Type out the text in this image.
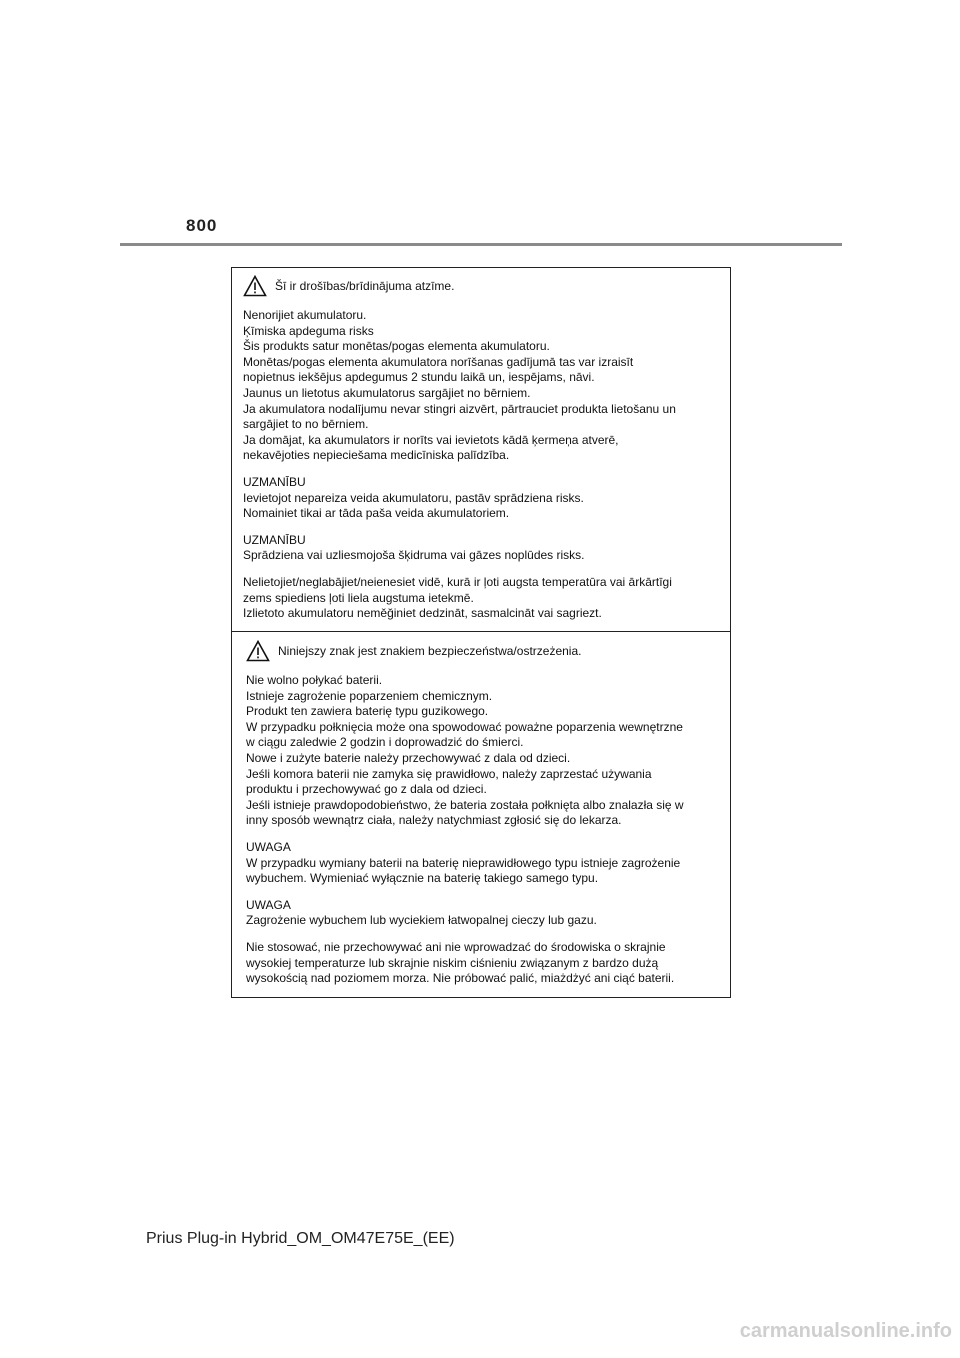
800
Šī ir drošības/brīdinājuma atzīme.

Nenorijiet akumulatoru.

Ķīmiska apdeguma risks

Šis produkts satur monētas/pogas elementa akumulatoru.

Monētas/pogas elementa akumulatora norīšanas gadījumā tas var izraisīt

nopietnus iekšējus apdegumus 2 stundu laikā un, iespējams, nāvi.

Jaunus un lietotus akumulatorus sargājiet no bērniem.

Ja akumulatora nodalījumu nevar stingri aizvērt, pārtrauciet produkta lietošanu un

sargājiet to no bērniem.

Ja domājat, ka akumulators ir norīts vai ievietots kādā ķermeņa atverē,

nekavējoties nepieciešama medicīniska palīdzība.

UZMANĪBU

Ievietojot nepareiza veida akumulatoru, pastāv sprādziena risks.

Nomainiet tikai ar tāda paša veida akumulatoriem.

UZMANĪBU

Sprādziena vai uzliesmojoša šķidruma vai gāzes noplūdes risks.

Nelietojiet/neglabājiet/neienesiet vidē, kurā ir ļoti augsta temperatūra vai ārkārtīgi

zems spiediens ļoti liela augstuma ietekmē.

Izlietoto akumulatoru neměğiniet dedzināt, sasmalcināt vai sagriezt.

Niniejszy znak jest znakiem bezpieczeństwa/ostrzeżenia.

Nie wolno połykać baterii.

Istnieje zagrożenie poparzeniem chemicznym.

Produkt ten zawiera baterię typu guzikowego.

W przypadku połknięcia może ona spowodować poważne poparzenia wewnętrzne

w ciągu zaledwie 2 godzin i doprowadzić do śmierci.

Nowe i zużyte baterie należy przechowywać z dala od dzieci.

Jeśli komora baterii nie zamyka się prawidłowo, należy zaprzestać używania

produktu i przechowywać go z dala od dzieci.

Jeśli istnieje prawdopodobieństwo, że bateria została połknięta albo znalazła się w

inny sposób wewnątrz ciała, należy natychmiast zgłosić się do lekarza.

UWAGA

W przypadku wymiany baterii na baterię nieprawidłowego typu istnieje zagrożenie

wybuchem. Wymieniać wyłącznie na baterię takiego samego typu.

UWAGA

Zagrożenie wybuchem lub wyciekiem łatwopalnej cieczy lub gazu.

Nie stosować, nie przechowywać ani nie wprowadzać do środowiska o skrajnie

wysokiej temperaturze lub skrajnie niskim ciśnieniu związanym z bardzo dużą

wysokością nad poziomem morza. Nie próbować palić, miażdżyć ani ciąć baterii.

Prius Plug-in Hybrid_OM_OM47E75E_(EE)
carmanualsonline.info
